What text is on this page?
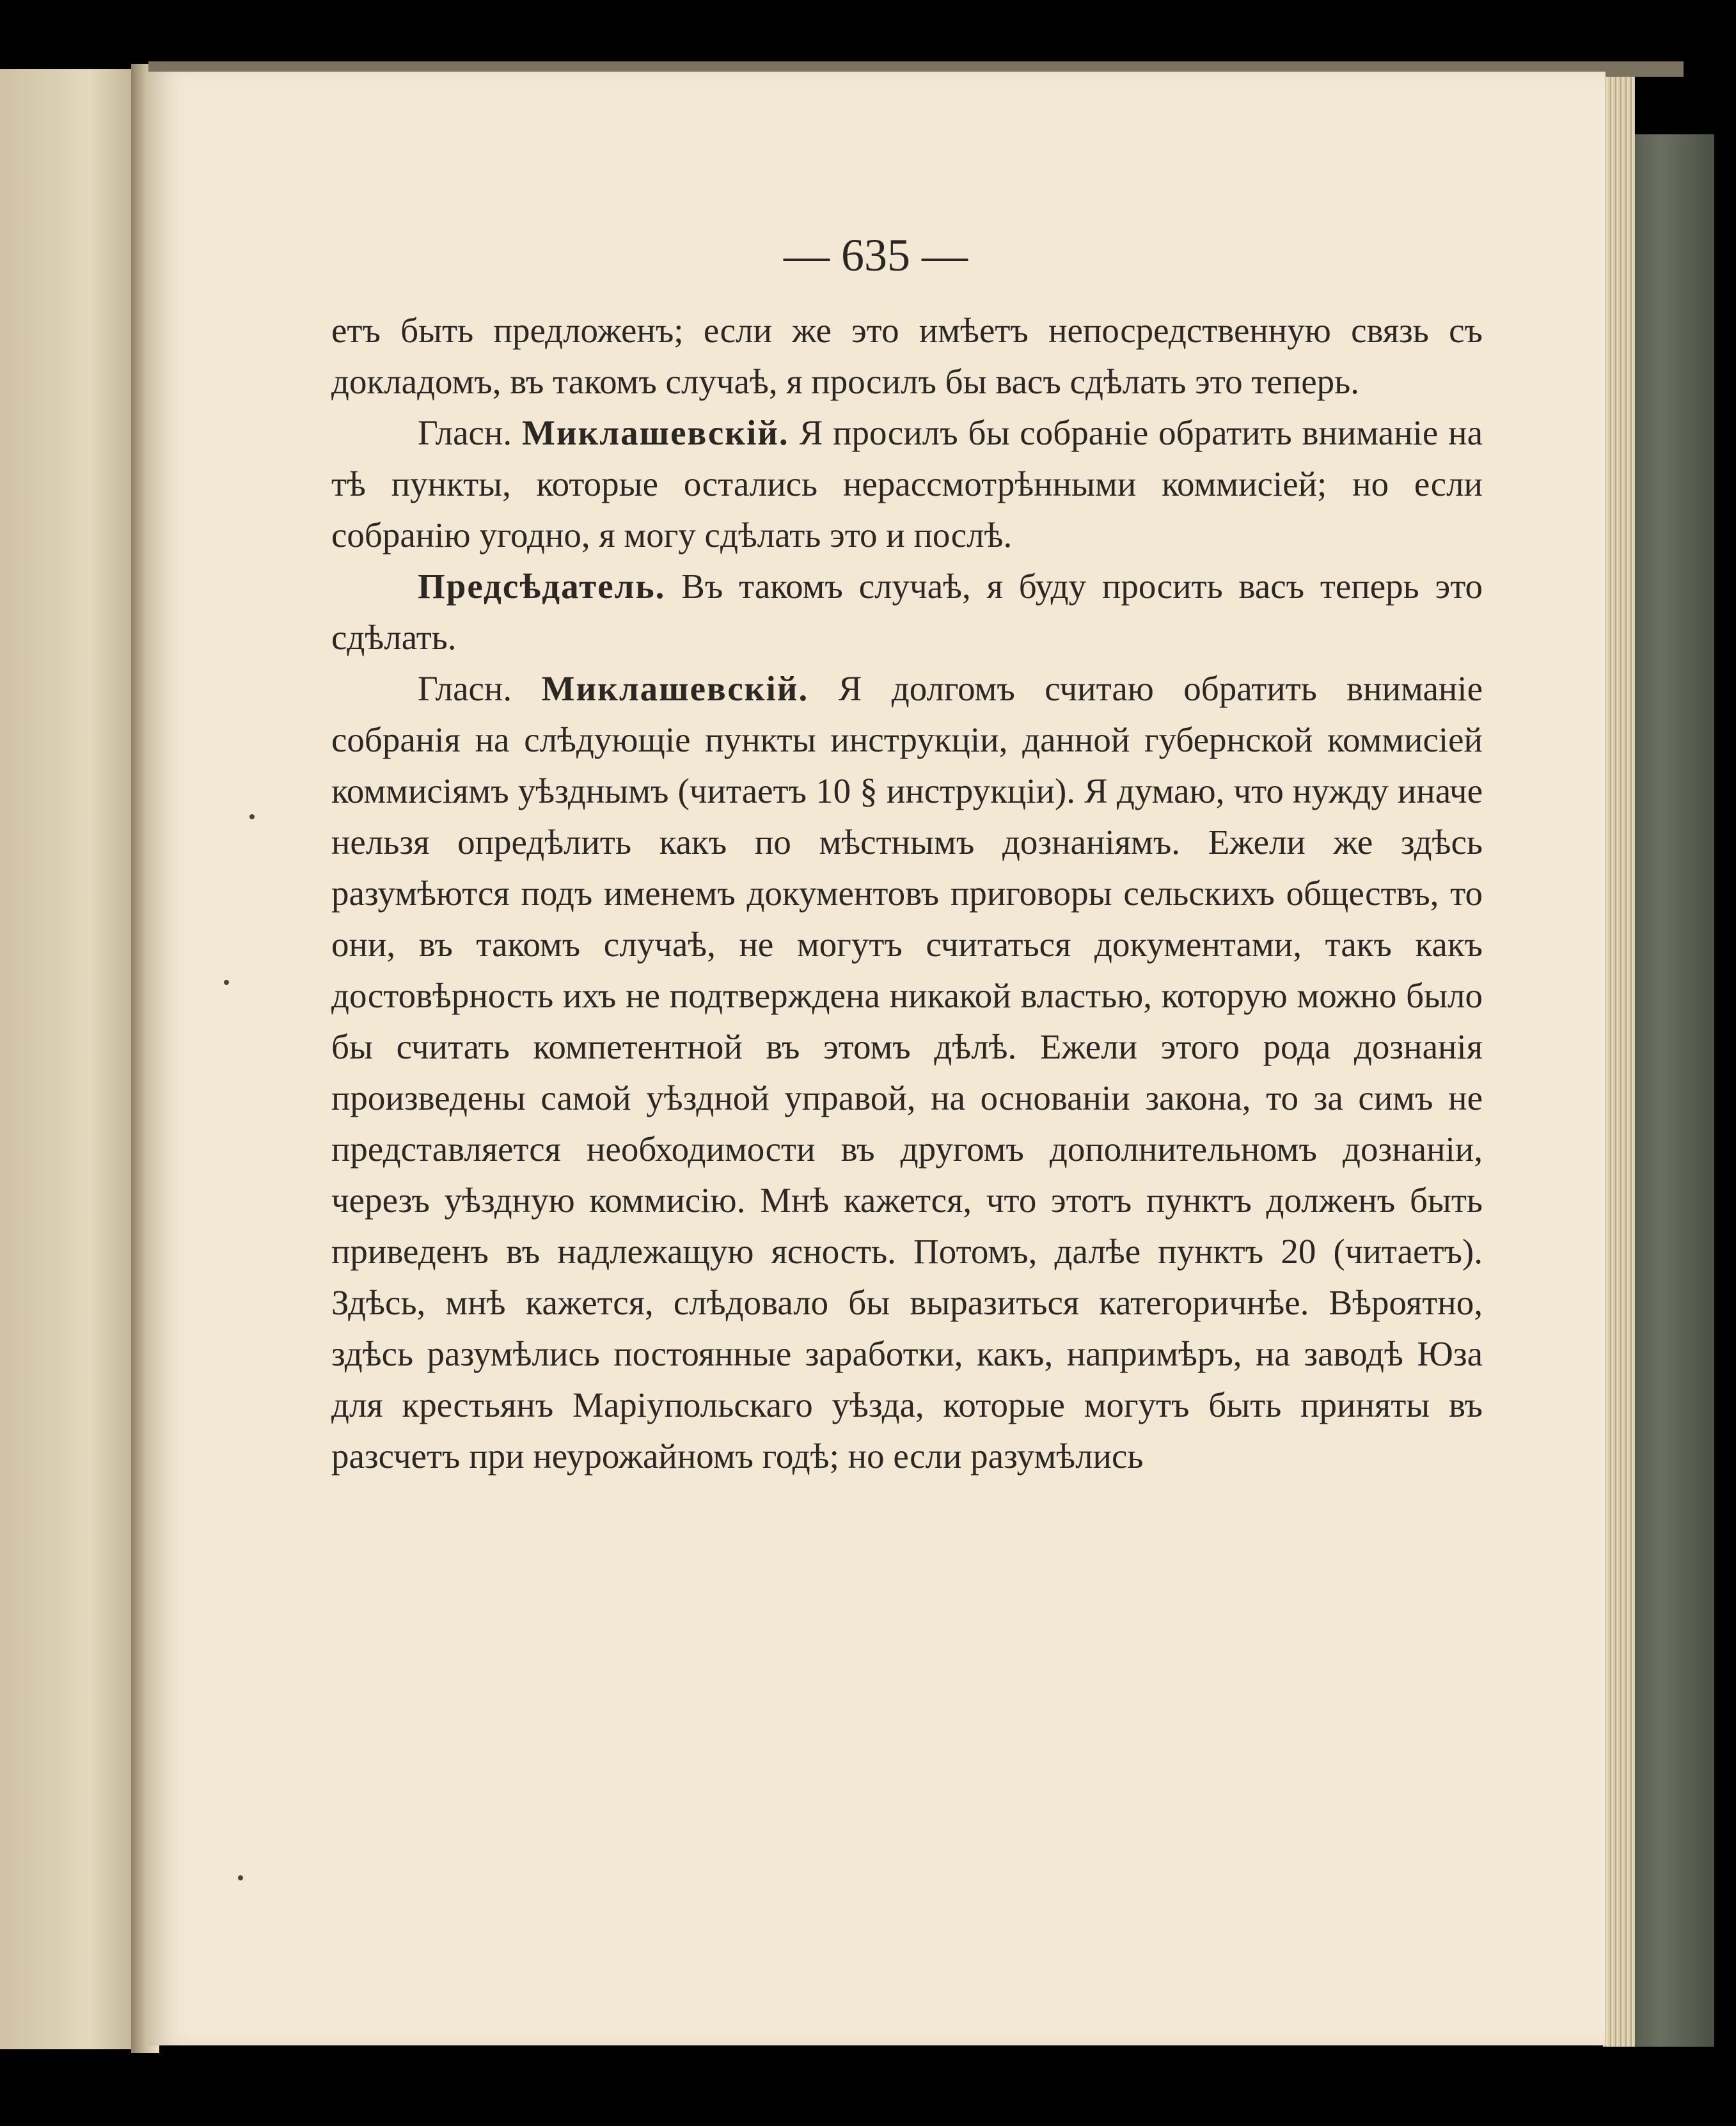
— 635 —

етъ быть предложенъ; если же это имѣетъ непосредственную связь съ докладомъ, въ такомъ случаѣ, я просилъ бы васъ сдѣлать это теперь.

Гласн. Миклашевскій. Я просилъ бы собраніе обратить вниманіе на тѣ пункты, которые остались нерассмотрѣнными коммисіей; но если собранію угодно, я могу сдѣлать это и послѣ.

Предсѣдатель. Въ такомъ случаѣ, я буду просить васъ теперь это сдѣлать.

Гласн. Миклашевскій. Я долгомъ считаю обратить вниманіе собранія на слѣдующіе пункты инструкціи, данной губернской коммисіей коммисіямъ уѣзднымъ (читаетъ 10 § инструкціи). Я думаю, что нужду иначе нельзя опредѣлить какъ по мѣстнымъ дознаніямъ. Ежели же здѣсь разумѣются подъ именемъ документовъ приговоры сельскихъ обществъ, то они, въ такомъ случаѣ, не могутъ считаться документами, такъ какъ достовѣрность ихъ не подтверждена никакой властью, которую можно было бы считать компетентной въ этомъ дѣлѣ. Ежели этого рода дознанія произведены самой уѣздной управой, на основаніи закона, то за симъ не представляется необходимости въ другомъ дополнительномъ дознаніи, черезъ уѣздную коммисію. Мнѣ кажется, что этотъ пунктъ долженъ быть приведенъ въ надлежащую ясность. Потомъ, далѣе пунктъ 20 (читаетъ). Здѣсь, мнѣ кажется, слѣдовало бы выразиться категоричнѣе. Вѣроятно, здѣсь разумѣлись постоянные заработки, какъ, напримѣръ, на заводѣ Юза для крестьянъ Маріупольскаго уѣзда, которые могутъ быть приняты въ разсчетъ при неурожайномъ годѣ; но если разумѣлись
